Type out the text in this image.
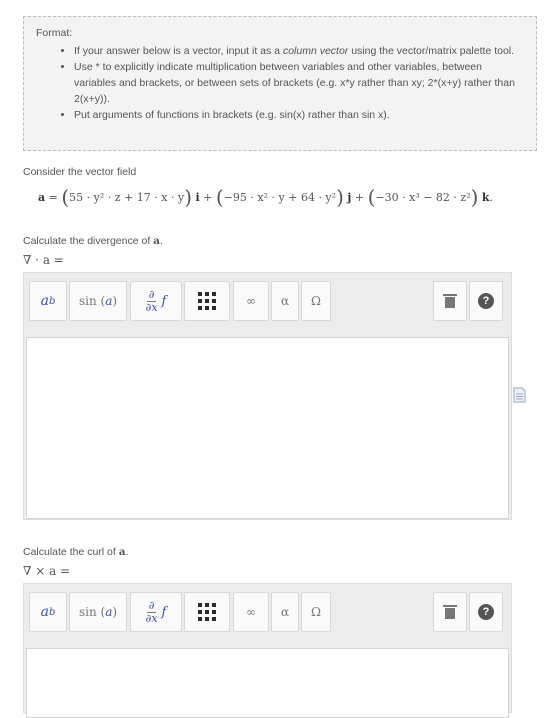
Format:
• If your answer below is a vector, input it as a column vector using the vector/matrix palette tool.
• Use * to explicitly indicate multiplication between variables and other variables, between variables and brackets, or between sets of brackets (e.g. x*y rather than xy; 2*(x+y) rather than 2(x+y)).
• Put arguments of functions in brackets (e.g. sin(x) rather than sin x).
Consider the vector field
a = (55 · y² · z + 17 · x · y) i + (−95 · x² · y + 64 · y²) j + (−30 · x³ − 82 · z²) k.
Calculate the divergence of a.
∇ · a =
a b sin ( a )	$\frac{\partial}{\partial x}$ f	∞	α	Ω	?
Calculate the curl of a.
∇ × a =
a b sin ( a )	$\frac{\partial}{\partial x}$ f	∞	α	Ω	?
